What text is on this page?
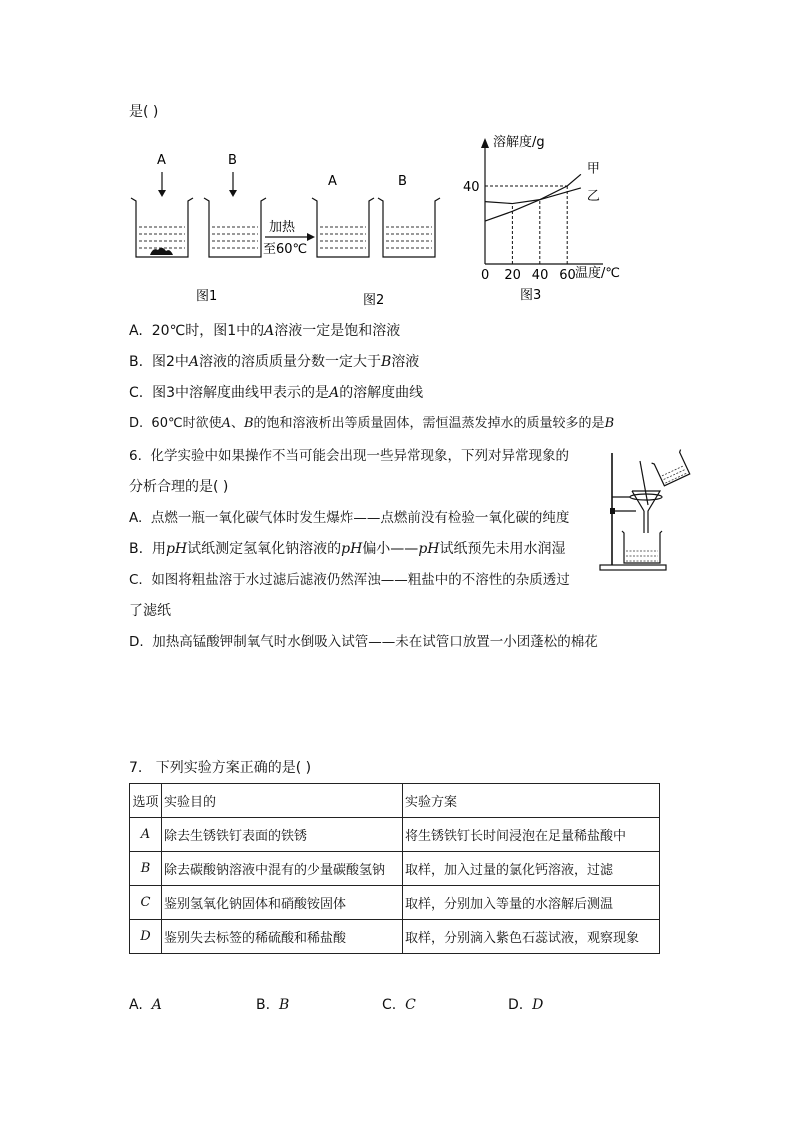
是( )
A	B
加热
至60℃
A	B
图1	图2
溶解度/g
温度/℃
甲
乙
0 20 40 60
40
图3
A. 20℃时，图1中的A溶液一定是饱和溶液
B. 图2中A溶液的溶质质量分数一定大于B溶液
C. 图3中溶解度曲线甲表示的是A的溶解度曲线
D. 60℃时欲使A、B的饱和溶液析出等质量固体，需恒温蒸发掉水的质量较多的是B
6. 化学实验中如果操作不当可能会出现一些异常现象，下列对异常现象的
分析合理的是( )
A. 点燃一瓶一氧化碳气体时发生爆炸——点燃前没有检验一氧化碳的纯度
B. 用pH试纸测定氢氧化钠溶液的pH偏小——pH试纸预先未用水润湿
C. 如图将粗盐溶于水过滤后滤液仍然浑浊——粗盐中的不溶性的杂质透过
了滤纸
D. 加热高锰酸钾制氧气时水倒吸入试管——未在试管口放置一小团蓬松的棉花
7. 下列实验方案正确的是( )
选项	实验目的	实验方案
A	除去生锈铁钉表面的铁锈	将生锈铁钉长时间浸泡在足量稀盐酸中
B	除去碳酸钠溶液中混有的少量碳酸氢钠	取样，加入过量的氯化钙溶液，过滤
C	鉴别氢氧化钠固体和硝酸铵固体	取样，分别加入等量的水溶解后测温
D	鉴别失去标签的稀硫酸和稀盐酸	取样，分别滴入紫色石蕊试液，观察现象
A. A	B. B	C. C	D. D
